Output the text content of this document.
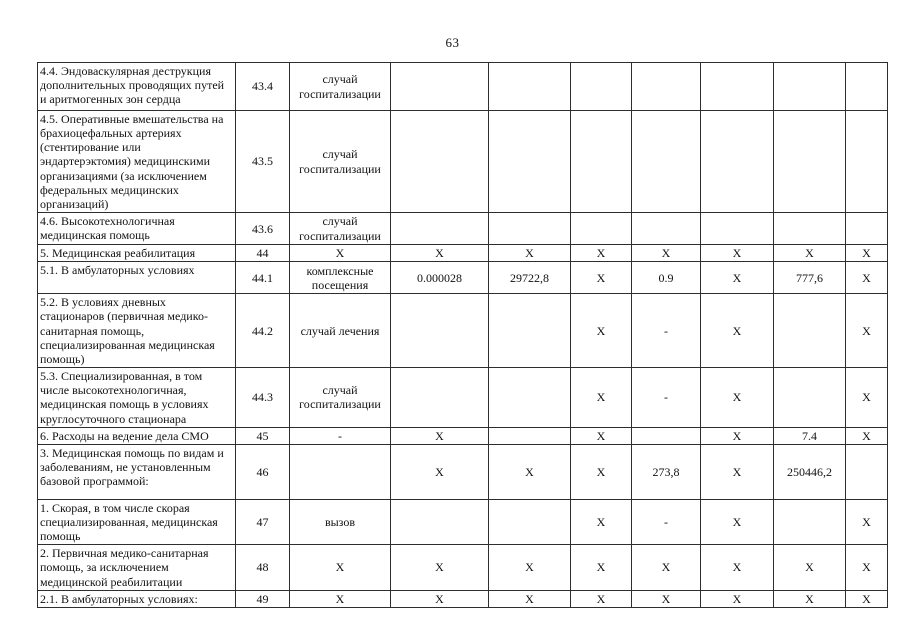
63
4.4. Эндоваскулярная деструкция дополнительных проводящих путей и аритмогенных зон сердца	43.4	случай госпитализации							
4.5. Оперативные вмешательства на брахиоцефальных артериях (стентирование или эндартерэктомия) медицинскими организациями (за исключением федеральных медицинских организаций)	43.5	случай госпитализации							
4.6. Высокотехнологичная медицинская помощь	43.6	случай госпитализации							
5. Медицинская реабилитация	44	X	X	X	X	X	X	X	X
5.1. В амбулаторных условиях	44.1	комплексные посещения	0.000028	29722,8	X	0.9	X	777,6	X
5.2. В условиях дневных стационаров (первичная медико-санитарная помощь, специализированная медицинская помощь)	44.2	случай лечения			X	-	X		X
5.3. Специализированная, в том числе высокотехнологичная, медицинская помощь в условиях круглосуточного стационара	44.3	случай госпитализации			X	-	X		X
6. Расходы на ведение дела СМО	45	-	X		X		X	7.4	X
3. Медицинская помощь по видам и заболеваниям, не установленным базовой программой:	46		X	X	X	273,8	X	250446,2	
1. Скорая, в том числе скорая специализированная, медицинская помощь	47	вызов			X	-	X		X
2. Первичная медико-санитарная помощь, за исключением медицинской реабилитации	48	X	X	X	X	X	X	X	X
2.1. В амбулаторных условиях:	49	X	X	X	X	X	X	X	X
